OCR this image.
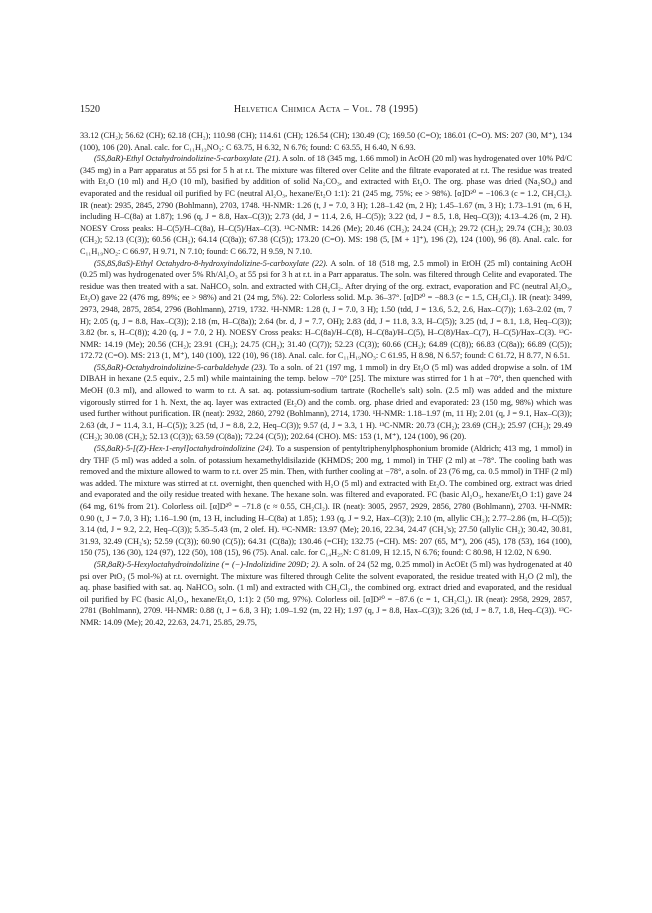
1520	Helvetica Chimica Acta – Vol. 78 (1995)

33.12 (CH₂); 56.62 (CH); 62.18 (CH₂); 110.98 (CH); 114.61 (CH); 126.54 (CH); 130.49 (C); 169.50 (C=O); 186.01 (C=O). MS: 207 (30, M⁺), 134 (100), 106 (20). Anal. calc. for C₁₁H₁₃NO₃: C 63.75, H 6.32, N 6.76; found: C 63.55, H 6.40, N 6.93.

(5S,8aR)-Ethyl Octahydroindolizine-5-carboxylate (21). A soln. of 18 (345 mg, 1.66 mmol) in AcOH (20 ml) was hydrogenated over 10% Pd/C (345 mg) in a Parr apparatus at 55 psi for 5 h at r.t. The mixture was filtered over Celite and the filtrate evaporated at r.t. The residue was treated with Et₂O (10 ml) and H₂O (10 ml), basified by addition of solid Na₂CO₃, and extracted with Et₂O. The org. phase was dried (Na₂SO₄) and evaporated and the residual oil purified by FC (neutral Al₂O₃, hexane/Et₂O 1:1): 21 (245 mg, 75%; ee > 98%). [α]D²⁰ = −106.3 (c = 1.2, CH₂Cl₂). IR (neat): 2935, 2845, 2790 (Bohlmann), 2703, 1748. ¹H-NMR: 1.26 (t, J = 7.0, 3 H); 1.28–1.42 (m, 2 H); 1.45–1.67 (m, 3 H); 1.73–1.91 (m, 6 H, including H–C(8a) at 1.87); 1.96 (q, J = 8.8, Hax–C(3)); 2.73 (dd, J = 11.4, 2.6, H–C(5)); 3.22 (td, J = 8.5, 1.8, Heq–C(3)); 4.13–4.26 (m, 2 H). NOESY Cross peaks: H–C(5)/H–C(8a), H–C(5)/Hax–C(3). ¹³C-NMR: 14.26 (Me); 20.46 (CH₂); 24.24 (CH₂); 29.72 (CH₂); 29.74 (CH₂); 30.03 (CH₂); 52.13 (C(3)); 60.56 (CH₂); 64.14 (C(8a)); 67.38 (C(5)); 173.20 (C=O). MS: 198 (5, [M + 1]⁺), 196 (2), 124 (100), 96 (8). Anal. calc. for C₁₁H₁₉NO₂: C 66.97, H 9.71, N 7.10; found: C 66.72, H 9.59, N 7.10.

(5S,8S,8aS)-Ethyl Octahydro-8-hydroxyindolizine-5-carboxylate (22). A soln. of 18 (518 mg, 2.5 mmol) in EtOH (25 ml) containing AcOH (0.25 ml) was hydrogenated over 5% Rh/Al₂O₃ at 55 psi for 3 h at r.t. in a Parr apparatus. The soln. was filtered through Celite and evaporated. The residue was then treated with a sat. NaHCO₃ soln. and extracted with CH₂Cl₂. After drying of the org. extract, evaporation and FC (neutral Al₂O₃, Et₂O) gave 22 (476 mg, 89%; ee > 98%) and 21 (24 mg, 5%). 22: Colorless solid. M.p. 36–37°. [α]D²⁰ = −88.3 (c = 1.5, CH₂Cl₂). IR (neat): 3499, 2973, 2948, 2875, 2854, 2796 (Bohlmann), 2719, 1732. ¹H-NMR: 1.28 (t, J = 7.0, 3 H); 1.50 (tdd, J = 13.6, 5.2, 2.6, Hax–C(7)); 1.63–2.02 (m, 7 H); 2.05 (q, J = 8.8, Hax–C(3)); 2.18 (m, H–C(8a)); 2.64 (br. d, J = 7.7, OH); 2.83 (dd, J = 11.8, 3.3, H–C(5)); 3.25 (td, J = 8.1, 1.8, Heq–C(3)); 3.82 (br. s, H–C(8)); 4.20 (q, J = 7.0, 2 H). NOESY Cross peaks: H–C(8a)/H–C(8), H–C(8a)/H–C(5), H–C(8)/Hax–C(7), H–C(5)/Hax–C(3). ¹³C-NMR: 14.19 (Me); 20.56 (CH₂); 23.91 (CH₂); 24.75 (CH₂); 31.40 (C(7)); 52.23 (C(3)); 60.66 (CH₂); 64.89 (C(8)); 66.83 (C(8a)); 66.89 (C(5)); 172.72 (C=O). MS: 213 (1, M⁺), 140 (100), 122 (10), 96 (18). Anal. calc. for C₁₁H₁₉NO₃: C 61.95, H 8.98, N 6.57; found: C 61.72, H 8.77, N 6.51.

(5S,8aR)-Octahydroindolizine-5-carbaldehyde (23). To a soln. of 21 (197 mg, 1 mmol) in dry Et₂O (5 ml) was added dropwise a soln. of 1M DIBAH in hexane (2.5 equiv., 2.5 ml) while maintaining the temp. below −70° [25]. The mixture was stirred for 1 h at −70°, then quenched with MeOH (0.3 ml), and allowed to warm to r.t. A sat. aq. potassium-sodium tartrate (Rochelle's salt) soln. (2.5 ml) was added and the mixture vigorously stirred for 1 h. Next, the aq. layer was extracted (Et₂O) and the comb. org. phase dried and evaporated: 23 (150 mg, 98%) which was used further without purification. IR (neat): 2932, 2860, 2792 (Bohlmann), 2714, 1730. ¹H-NMR: 1.18–1.97 (m, 11 H); 2.01 (q, J = 9.1, Hax–C(3)); 2.63 (dt, J = 11.4, 3.1, H–C(5)); 3.25 (td, J = 8.8, 2.2, Heq–C(3)); 9.57 (d, J = 3.3, 1 H). ¹³C-NMR: 20.73 (CH₂); 23.69 (CH₂); 25.97 (CH₂); 29.49 (CH₂); 30.08 (CH₂); 52.13 (C(3)); 63.59 (C(8a)); 72.24 (C(5)); 202.64 (CHO). MS: 153 (1, M⁺), 124 (100), 96 (20).

(5S,8aR)-5-[(Z)-Hex-1-enyl]octahydroindolizine (24). To a suspension of pentyltriphenylphosphonium bromide (Aldrich; 413 mg, 1 mmol) in dry THF (5 ml) was added a soln. of potassium hexamethyldisilazide (KHMDS; 200 mg, 1 mmol) in THF (2 ml) at −78°. The cooling bath was removed and the mixture allowed to warm to r.t. over 25 min. Then, with further cooling at −78°, a soln. of 23 (76 mg, ca. 0.5 mmol) in THF (2 ml) was added. The mixture was stirred at r.t. overnight, then quenched with H₂O (5 ml) and extracted with Et₂O. The combined org. extract was dried and evaporated and the oily residue treated with hexane. The hexane soln. was filtered and evaporated. FC (basic Al₂O₃, hexane/Et₂O 1:1) gave 24 (64 mg, 61% from 21). Colorless oil. [α]D²⁰ = −71.8 (c ≈ 0.55, CH₂Cl₂). IR (neat): 3005, 2957, 2929, 2856, 2780 (Bohlmann), 2703. ¹H-NMR: 0.90 (t, J = 7.0, 3 H); 1.16–1.90 (m, 13 H, including H–C(8a) at 1.85); 1.93 (q, J = 9.2, Hax–C(3)); 2.10 (m, allylic CH₂); 2.77–2.86 (m, H–C(5)); 3.14 (td, J = 9.2, 2.2, Heq–C(3)); 5.35–5.43 (m, 2 olef. H). ¹³C-NMR: 13.97 (Me); 20.16, 22.34, 24.47 (CH₂'s); 27.50 (allylic CH₂); 30.42, 30.81, 31.93, 32.49 (CH₂'s); 52.59 (C(3)); 60.90 (C(5)); 64.31 (C(8a)); 130.46 (=CH); 132.75 (=CH). MS: 207 (65, M⁺), 206 (45), 178 (53), 164 (100), 150 (75), 136 (30), 124 (97), 122 (50), 108 (15), 96 (75). Anal. calc. for C₁₄H₂₅N: C 81.09, H 12.15, N 6.76; found: C 80.98, H 12.02, N 6.90.

(5R,8aR)-5-Hexyloctahydroindolizine (= (−)-Indolizidine 209D; 2). A soln. of 24 (52 mg, 0.25 mmol) in AcOEt (5 ml) was hydrogenated at 40 psi over PtO₂ (5 mol-%) at r.t. overnight. The mixture was filtered through Celite the solvent evaporated, the residue treated with H₂O (2 ml), the aq. phase basified with sat. aq. NaHCO₃ soln. (1 ml) and extracted with CH₂Cl₂, the combined org. extract dried and evaporated, and the residual oil purified by FC (basic Al₂O₃, hexane/Et₂O, 1:1): 2 (50 mg, 97%). Colorless oil. [α]D²⁰ = −87.6 (c = 1, CH₂Cl₂). IR (neat): 2958, 2929, 2857, 2781 (Bohlmann), 2709. ¹H-NMR: 0.88 (t, J = 6.8, 3 H); 1.09–1.92 (m, 22 H); 1.97 (q, J = 8.8, Hax–C(3)); 3.26 (td, J = 8.7, 1.8, Heq–C(3)). ¹³C-NMR: 14.09 (Me); 20.42, 22.63, 24.71, 25.85, 29.75,
